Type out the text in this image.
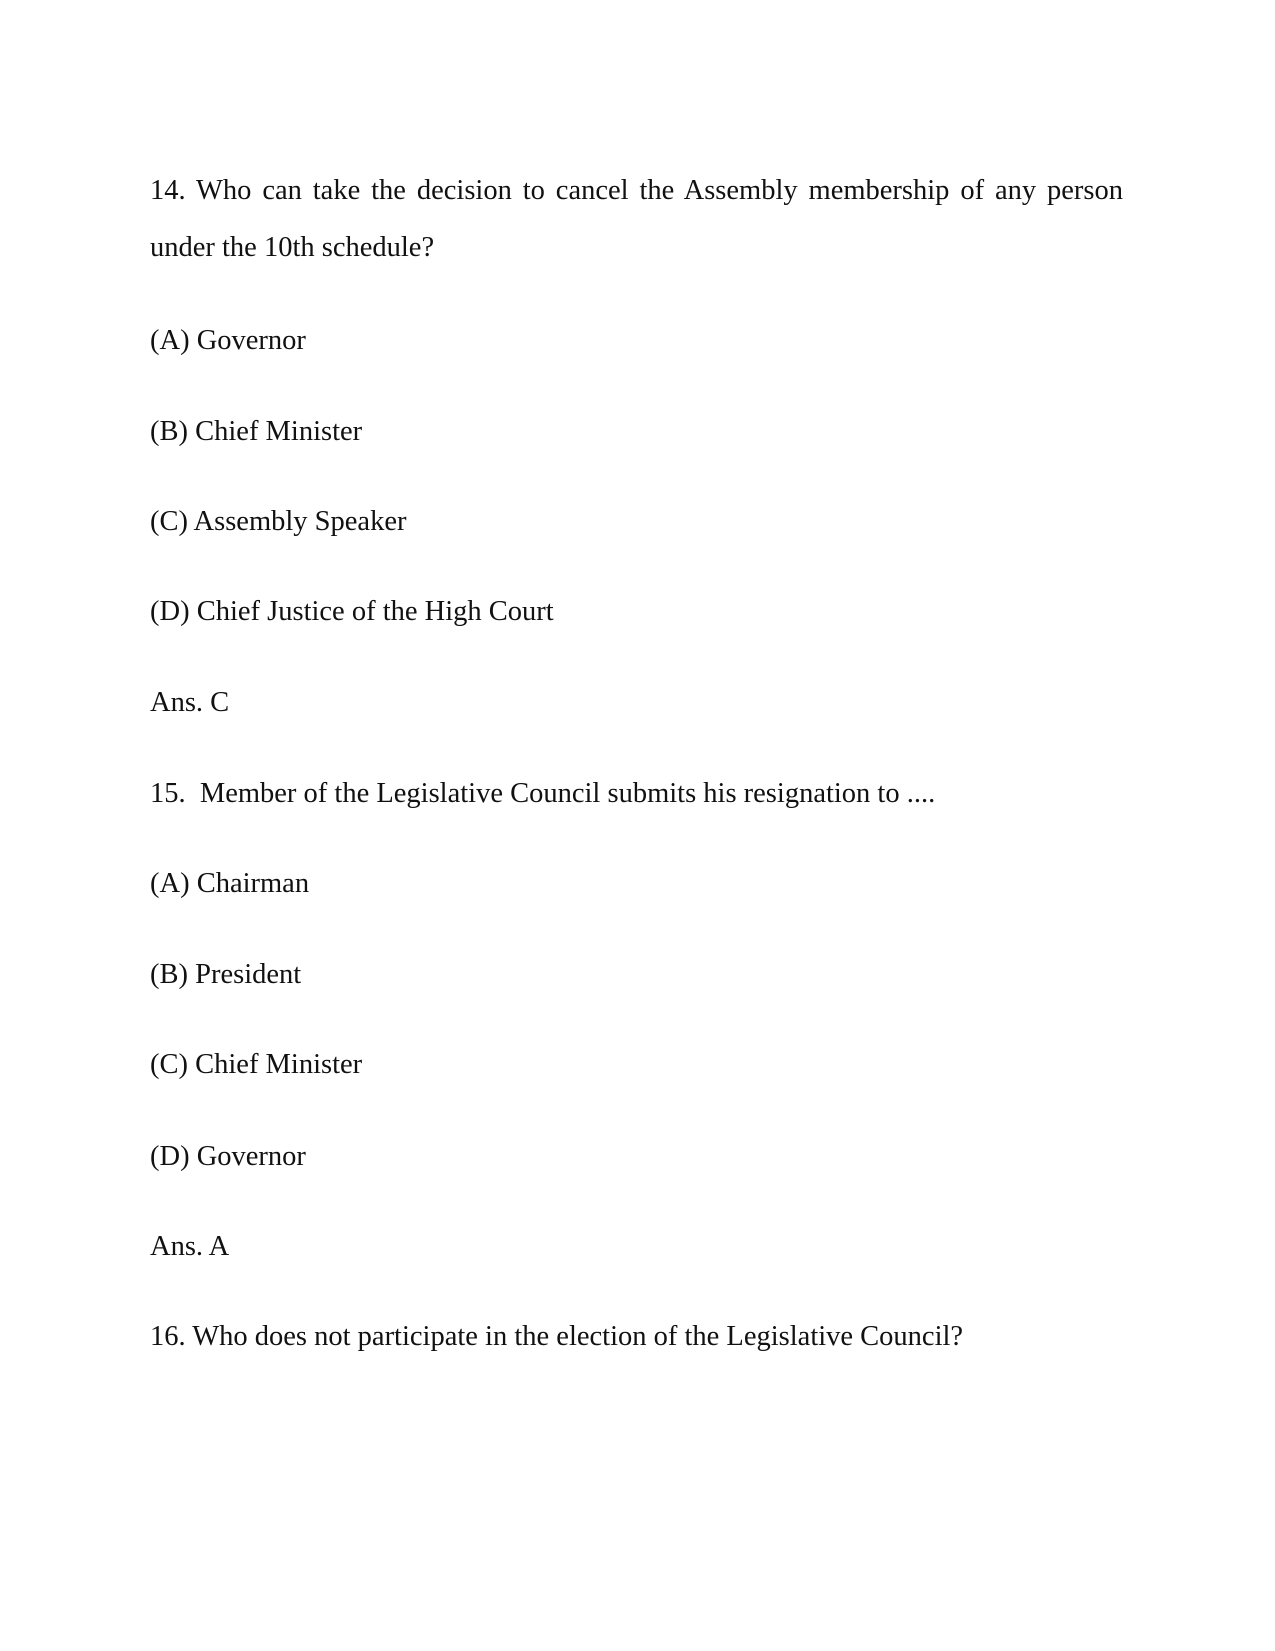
14. Who can take the decision to cancel the Assembly membership of any person
under the 10th schedule?
(A) Governor
(B) Chief Minister
(C) Assembly Speaker
(D) Chief Justice of the High Court
Ans. C
15.  Member of the Legislative Council submits his resignation to ....
(A) Chairman
(B) President
(C) Chief Minister
(D) Governor
Ans. A
16. Who does not participate in the election of the Legislative Council?
